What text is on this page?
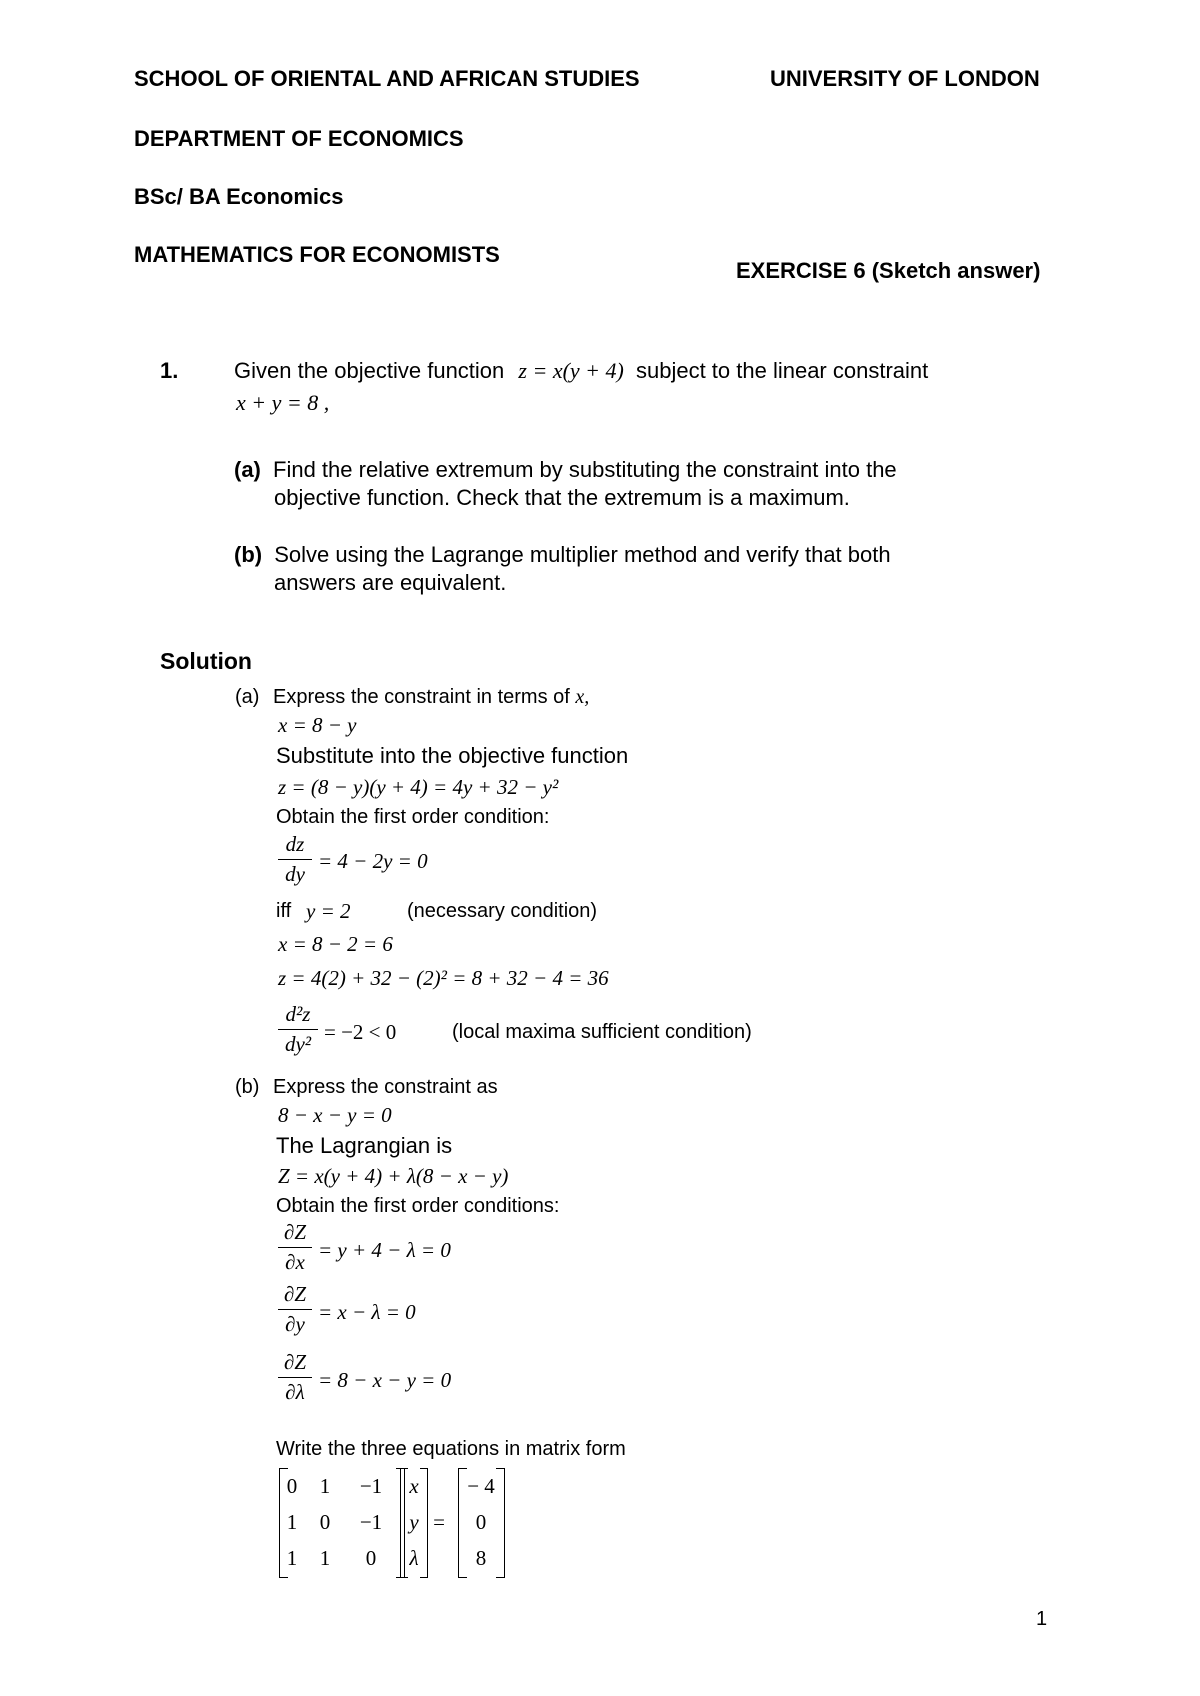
SCHOOL OF ORIENTAL AND AFRICAN STUDIES	UNIVERSITY OF LONDON
DEPARTMENT OF ECONOMICS
BSc/ BA Economics
MATHEMATICS FOR ECONOMISTS
EXERCISE 6 (Sketch answer)
1.	Given the objective function z = x(y + 4) subject to the linear constraint
x + y = 8 ,
(a) Find the relative extremum by substituting the constraint into the
objective function. Check that the extremum is a maximum.
(b) Solve using the Lagrange multiplier method and verify that both
answers are equivalent.
Solution
(a) Express the constraint in terms of x,
x = 8 − y
Substitute into the objective function
z = (8 − y)(y + 4) = 4y + 32 − y²
Obtain the first order condition:
dz
dy
= 4 − 2y = 0
iff y = 2	(necessary condition)
x = 8 − 2 = 6
z = 4(2) + 32 − (2)² = 8 + 32 − 4 = 36
d²z
dy² = −2 < 0	(local maxima sufficient condition)
(b) Express the constraint as
8 − x − y = 0
The Lagrangian is
Z = x(y + 4) + λ(8 − x − y)
Obtain the first order conditions:
∂Z
∂x = y + 4 − λ = 0
∂Z
∂y = x − λ = 0
∂Z
∂λ = 8 − x − y = 0
Write the three equations in matrix form
0	1	−1
1	0	−1
1	1	0
x
y
λ
=
− 4
0
8
1
